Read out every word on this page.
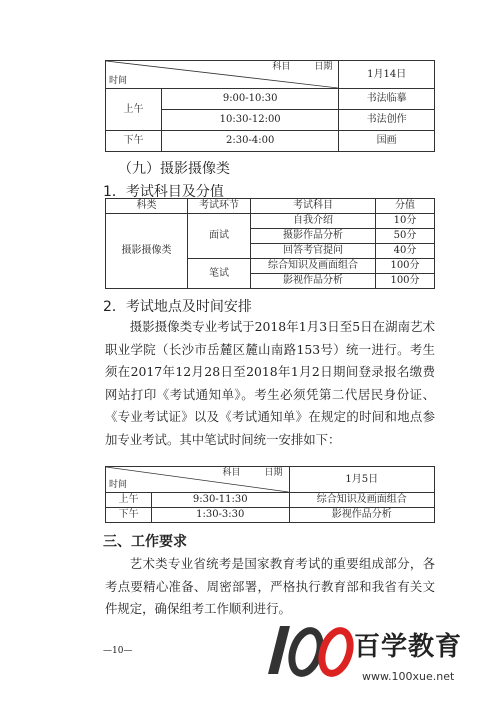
科目 日期
时间		1月14日
上午	9:00-10:30	书法临摹
	10:30-12:00	书法创作
下午	2:30-4:00	国画
（九）摄影摄像类
1．考试科目及分值
科类	考试环节	考试科目	分值
摄影摄像类	面试	自我介绍	10分
		摄影作品分析	50分
		回答考官提问	40分
	笔试	综合知识及画面组合	100分
		影视作品分析	100分
2．考试地点及时间安排

摄影摄像类专业考试于2018年1月3日至5日在湖南艺术职业学院（长沙市岳麓区麓山南路153号）统一进行。考生须在2017年12月28日至2018年1月2日期间登录报名缴费网站打印《考试通知单》。考生必须凭第二代居民身份证、《专业考试证》以及《考试通知单》在规定的时间和地点参加专业考试。其中笔试时间统一安排如下：

科目 日期
时间		1月5日
上午	9:30-11:30	综合知识及画面组合
下午	1:30-3:30	影视作品分析
三、工作要求

艺术类专业省统考是国家教育考试的重要组成部分，各考点要精心准备、周密部署，严格执行教育部和我省有关文件规定，确保组考工作顺利进行。

—10—	百学教育
www.100xue.net
